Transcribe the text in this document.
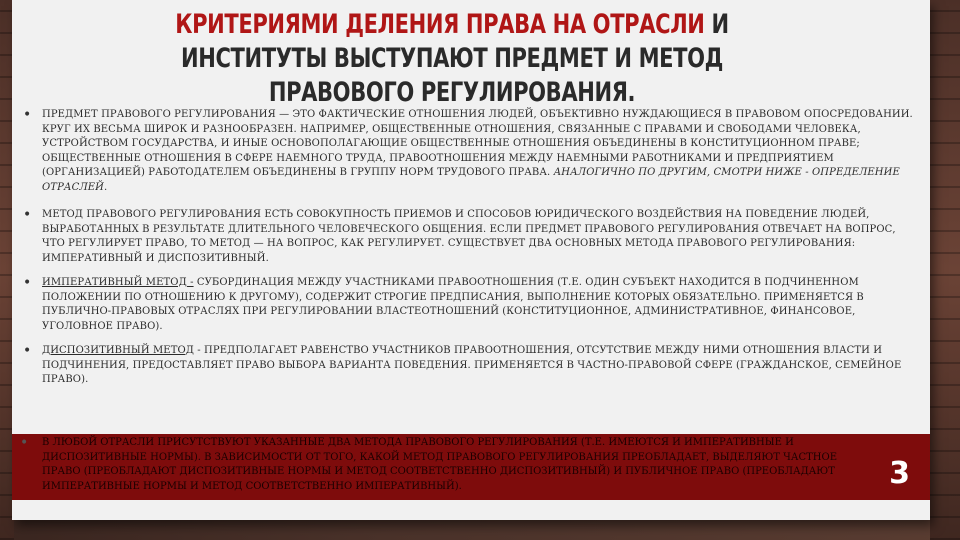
КРИТЕРИЯМИ ДЕЛЕНИЯ ПРАВА НА ОТРАСЛИ И
ИНСТИТУТЫ ВЫСТУПАЮТ ПРЕДМЕТ И МЕТОД
ПРАВОВОГО РЕГУЛИРОВАНИЯ.
• ПРЕДМЕТ ПРАВОВОГО РЕГУЛИРОВАНИЯ — ЭТО ФАКТИЧЕСКИЕ ОТНОШЕНИЯ ЛЮДЕЙ, ОБЪЕКТИВНО НУЖДАЮЩИЕСЯ В ПРАВОВОМ ОПОСРЕДОВАНИИ. КРУГ ИХ ВЕСЬМА ШИРОК И РАЗНООБРАЗЕН. НАПРИМЕР, ОБЩЕСТВЕННЫЕ ОТНОШЕНИЯ, СВЯЗАННЫЕ С ПРАВАМИ И СВОБОДАМИ ЧЕЛОВЕКА, УСТРОЙСТВОМ ГОСУДАРСТВА, И ИНЫЕ ОСНОВОПОЛАГАЮЩИЕ ОБЩЕСТВЕННЫЕ ОТНОШЕНИЯ ОБЪЕДИНЕНЫ В КОНСТИТУЦИОННОМ ПРАВЕ; ОБЩЕСТВЕННЫЕ ОТНОШЕНИЯ В СФЕРЕ НАЕМНОГО ТРУДА, ПРАВООТНОШЕНИЯ МЕЖДУ НАЕМНЫМИ РАБОТНИКАМИ И ПРЕДПРИЯТИЕМ (ОРГАНИЗАЦИЕЙ) РАБОТОДАТЕЛЕМ ОБЪЕДИНЕНЫ В ГРУППУ НОРМ ТРУДОВОГО ПРАВА. АНАЛОГИЧНО ПО ДРУГИМ, СМОТРИ НИЖЕ - ОПРЕДЕЛЕНИЕ ОТРАСЛЕЙ.
• МЕТОД ПРАВОВОГО РЕГУЛИРОВАНИЯ ЕСТЬ СОВОКУПНОСТЬ ПРИЕМОВ И СПОСОБОВ ЮРИДИЧЕСКОГО ВОЗДЕЙСТВИЯ НА ПОВЕДЕНИЕ ЛЮДЕЙ, ВЫРАБОТАННЫХ В РЕЗУЛЬТАТЕ ДЛИТЕЛЬНОГО ЧЕЛОВЕЧЕСКОГО ОБЩЕНИЯ. ЕСЛИ ПРЕДМЕТ ПРАВОВОГО РЕГУЛИРОВАНИЯ ОТВЕЧАЕТ НА ВОПРОС, ЧТО РЕГУЛИРУЕТ ПРАВО, ТО МЕТОД — НА ВОПРОС, КАК РЕГУЛИРУЕТ. СУЩЕСТВУЕТ ДВА ОСНОВНЫХ МЕТОДА ПРАВОВОГО РЕГУЛИРОВАНИЯ: ИМПЕРАТИВНЫЙ И ДИСПОЗИТИВНЫЙ.
• ИМПЕРАТИВНЫЙ МЕТОД - СУБОРДИНАЦИЯ МЕЖДУ УЧАСТНИКАМИ ПРАВООТНОШЕНИЯ (Т.Е. ОДИН СУБЪЕКТ НАХОДИТСЯ В ПОДЧИНЕННОМ ПОЛОЖЕНИИ ПО ОТНОШЕНИЮ К ДРУГОМУ), СОДЕРЖИТ СТРОГИЕ ПРЕДПИСАНИЯ, ВЫПОЛНЕНИЕ КОТОРЫХ ОБЯЗАТЕЛЬНО. ПРИМЕНЯЕТСЯ В ПУБЛИЧНО-ПРАВОВЫХ ОТРАСЛЯХ ПРИ РЕГУЛИРОВАНИИ ВЛАСТЕОТНОШЕНИЙ (КОНСТИТУЦИОННОЕ, АДМИНИСТРАТИВНОЕ, ФИНАНСОВОЕ, УГОЛОВНОЕ ПРАВО).
• ДИСПОЗИТИВНЫЙ МЕТОД - ПРЕДПОЛАГАЕТ РАВЕНСТВО УЧАСТНИКОВ ПРАВООТНОШЕНИЯ, ОТСУТСТВИЕ МЕЖДУ НИМИ ОТНОШЕНИЯ ВЛАСТИ И ПОДЧИНЕНИЯ, ПРЕДОСТАВЛЯЕТ ПРАВО ВЫБОРА ВАРИАНТА ПОВЕДЕНИЯ. ПРИМЕНЯЕТСЯ В ЧАСТНО-ПРАВОВОЙ СФЕРЕ (ГРАЖДАНСКОЕ, СЕМЕЙНОЕ ПРАВО).
• В ЛЮБОЙ ОТРАСЛИ ПРИСУТСТВУЮТ УКАЗАННЫЕ ДВА МЕТОДА ПРАВОВОГО РЕГУЛИРОВАНИЯ (Т.Е. ИМЕЮТСЯ И ИМПЕРАТИВНЫЕ И ДИСПОЗИТИВНЫЕ НОРМЫ). В ЗАВИСИМОСТИ ОТ ТОГО, КАКОЙ МЕТОД ПРАВОВОГО РЕГУЛИРОВАНИЯ ПРЕОБЛАДАЕТ, ВЫДЕЛЯЮТ ЧАСТНОЕ ПРАВО (ПРЕОБЛАДАЮТ ДИСПОЗИТИВНЫЕ НОРМЫ И МЕТОД СООТВЕТСТВЕННО ДИСПОЗИТИВНЫЙ) И ПУБЛИЧНОЕ ПРАВО (ПРЕОБЛАДАЮТ ИМПЕРАТИВНЫЕ НОРМЫ И МЕТОД СООТВЕТСТВЕННО ИМПЕРАТИВНЫЙ).	3
